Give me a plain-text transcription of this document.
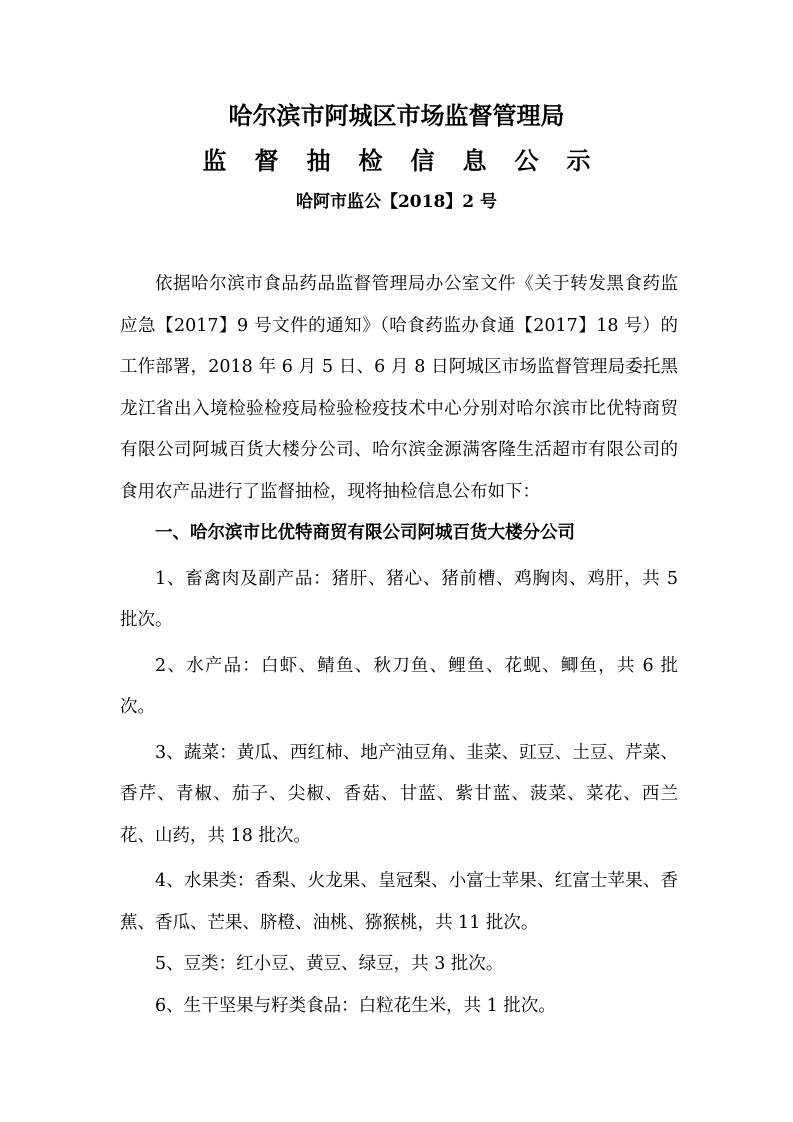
哈尔滨市阿城区市场监督管理局
监督抽检信息公示
哈阿市监公【2018】2 号

依据哈尔滨市食品药品监督管理局办公室文件《关于转发黑食药监应急【2017】9 号文件的通知》（哈食药监办食通【2017】18 号）的工作部署，2018 年 6 月 5 日、6 月 8 日阿城区市场监督管理局委托黑龙江省出入境检验检疫局检验检疫技术中心分别对哈尔滨市比优特商贸有限公司阿城百货大楼分公司、哈尔滨金源满客隆生活超市有限公司的食用农产品进行了监督抽检，现将抽检信息公布如下：

一、哈尔滨市比优特商贸有限公司阿城百货大楼分公司

1、畜禽肉及副产品：猪肝、猪心、猪前槽、鸡胸肉、鸡肝，共 5 批次。

2、水产品：白虾、鲭鱼、秋刀鱼、鲤鱼、花蚬、鲫鱼，共 6 批次。

3、蔬菜：黄瓜、西红柿、地产油豆角、韭菜、豇豆、土豆、芹菜、香芹、青椒、茄子、尖椒、香菇、甘蓝、紫甘蓝、菠菜、菜花、西兰花、山药，共 18 批次。

4、水果类：香梨、火龙果、皇冠梨、小富士苹果、红富士苹果、香蕉、香瓜、芒果、脐橙、油桃、猕猴桃，共 11 批次。

5、豆类：红小豆、黄豆、绿豆，共 3 批次。

6、生干坚果与籽类食品：白粒花生米，共 1 批次。
